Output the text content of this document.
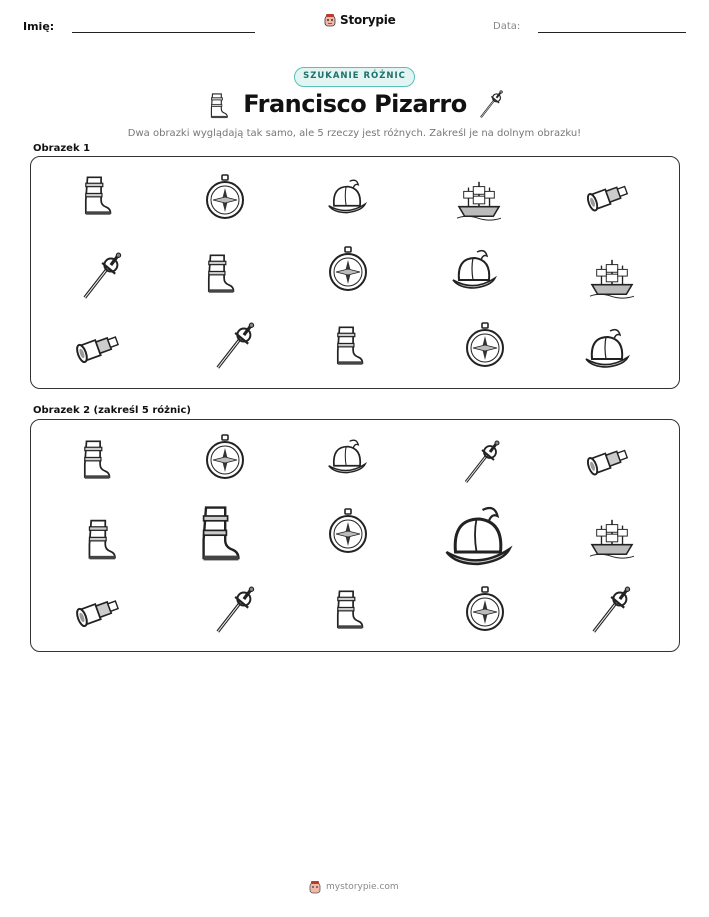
Imię:	Storypie	Data:
SZUKANIE RÓŻNIC
Francisco Pizarro
Dwa obrazki wyglądają tak samo, ale 5 rzeczy jest różnych. Zakreśl je na dolnym obrazku!
Obrazek 1
Obrazek 2 (zakreśl 5 różnic)
mystorypie.com
